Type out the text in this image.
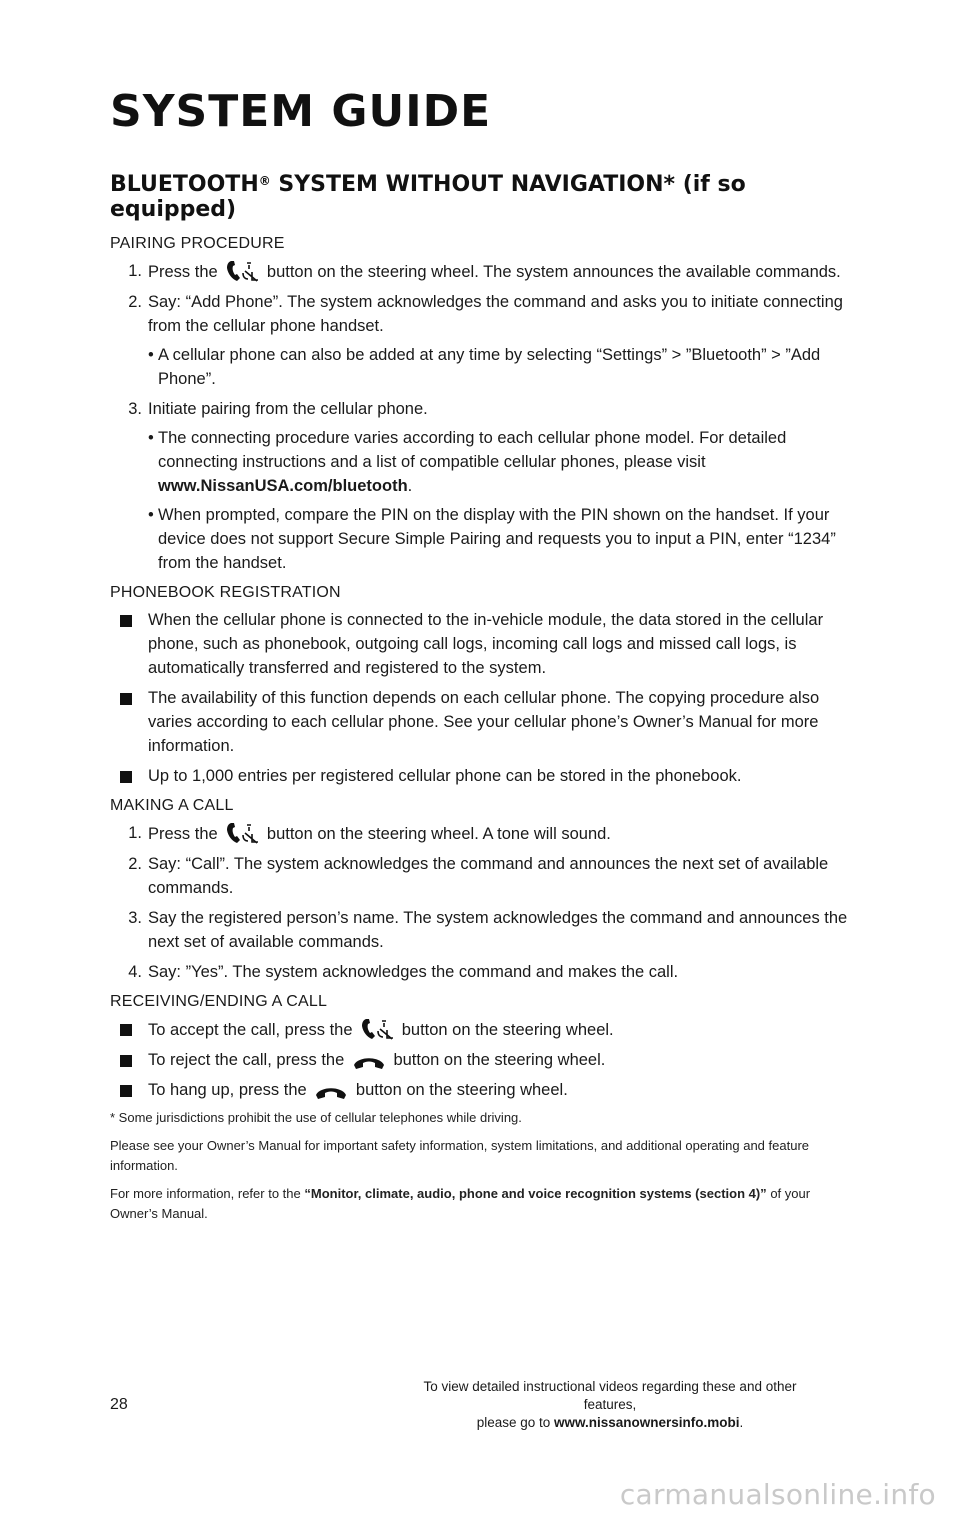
SYSTEM GUIDE
BLUETOOTH® SYSTEM WITHOUT NAVIGATION* (if so equipped)
PAIRING PROCEDURE
1. Press the	button on the steering wheel. The system announces the available commands.
2. Say: “Add Phone”. The system acknowledges the command and asks you to initiate connecting from the cellular phone handset.
• A cellular phone can also be added at any time by selecting “Settings” > ”Bluetooth” > ”Add Phone”.
3. Initiate pairing from the cellular phone.
• The connecting procedure varies according to each cellular phone model. For detailed connecting instructions and a list of compatible cellular phones, please visit www.NissanUSA.com/bluetooth.
• When prompted, compare the PIN on the display with the PIN shown on the handset. If your device does not support Secure Simple Pairing and requests you to input a PIN, enter “1234” from the handset.
PHONEBOOK REGISTRATION
When the cellular phone is connected to the in-vehicle module, the data stored in the cellular phone, such as phonebook, outgoing call logs, incoming call logs and missed call logs, is automatically transferred and registered to the system.
The availability of this function depends on each cellular phone. The copying procedure also varies according to each cellular phone. See your cellular phone’s Owner’s Manual for more information.
Up to 1,000 entries per registered cellular phone can be stored in the phonebook.
MAKING A CALL
1. Press the	button on the steering wheel. A tone will sound.
2. Say: “Call”. The system acknowledges the command and announces the next set of available commands.
3. Say the registered person’s name. The system acknowledges the command and announces the next set of available commands.
4. Say: ”Yes”. The system acknowledges the command and makes the call.
RECEIVING/ENDING A CALL
To accept the call, press the	button on the steering wheel.
To reject the call, press the	button on the steering wheel.
To hang up, press the	button on the steering wheel.
* Some jurisdictions prohibit the use of cellular telephones while driving.
Please see your Owner’s Manual for important safety information, system limitations, and additional operating and feature information.
For more information, refer to the “Monitor, climate, audio, phone and voice recognition systems (section 4)” of your Owner’s Manual.
28
To view detailed instructional videos regarding these and other features,
please go to www.nissanownersinfo.mobi.
carmanualsonline.info
